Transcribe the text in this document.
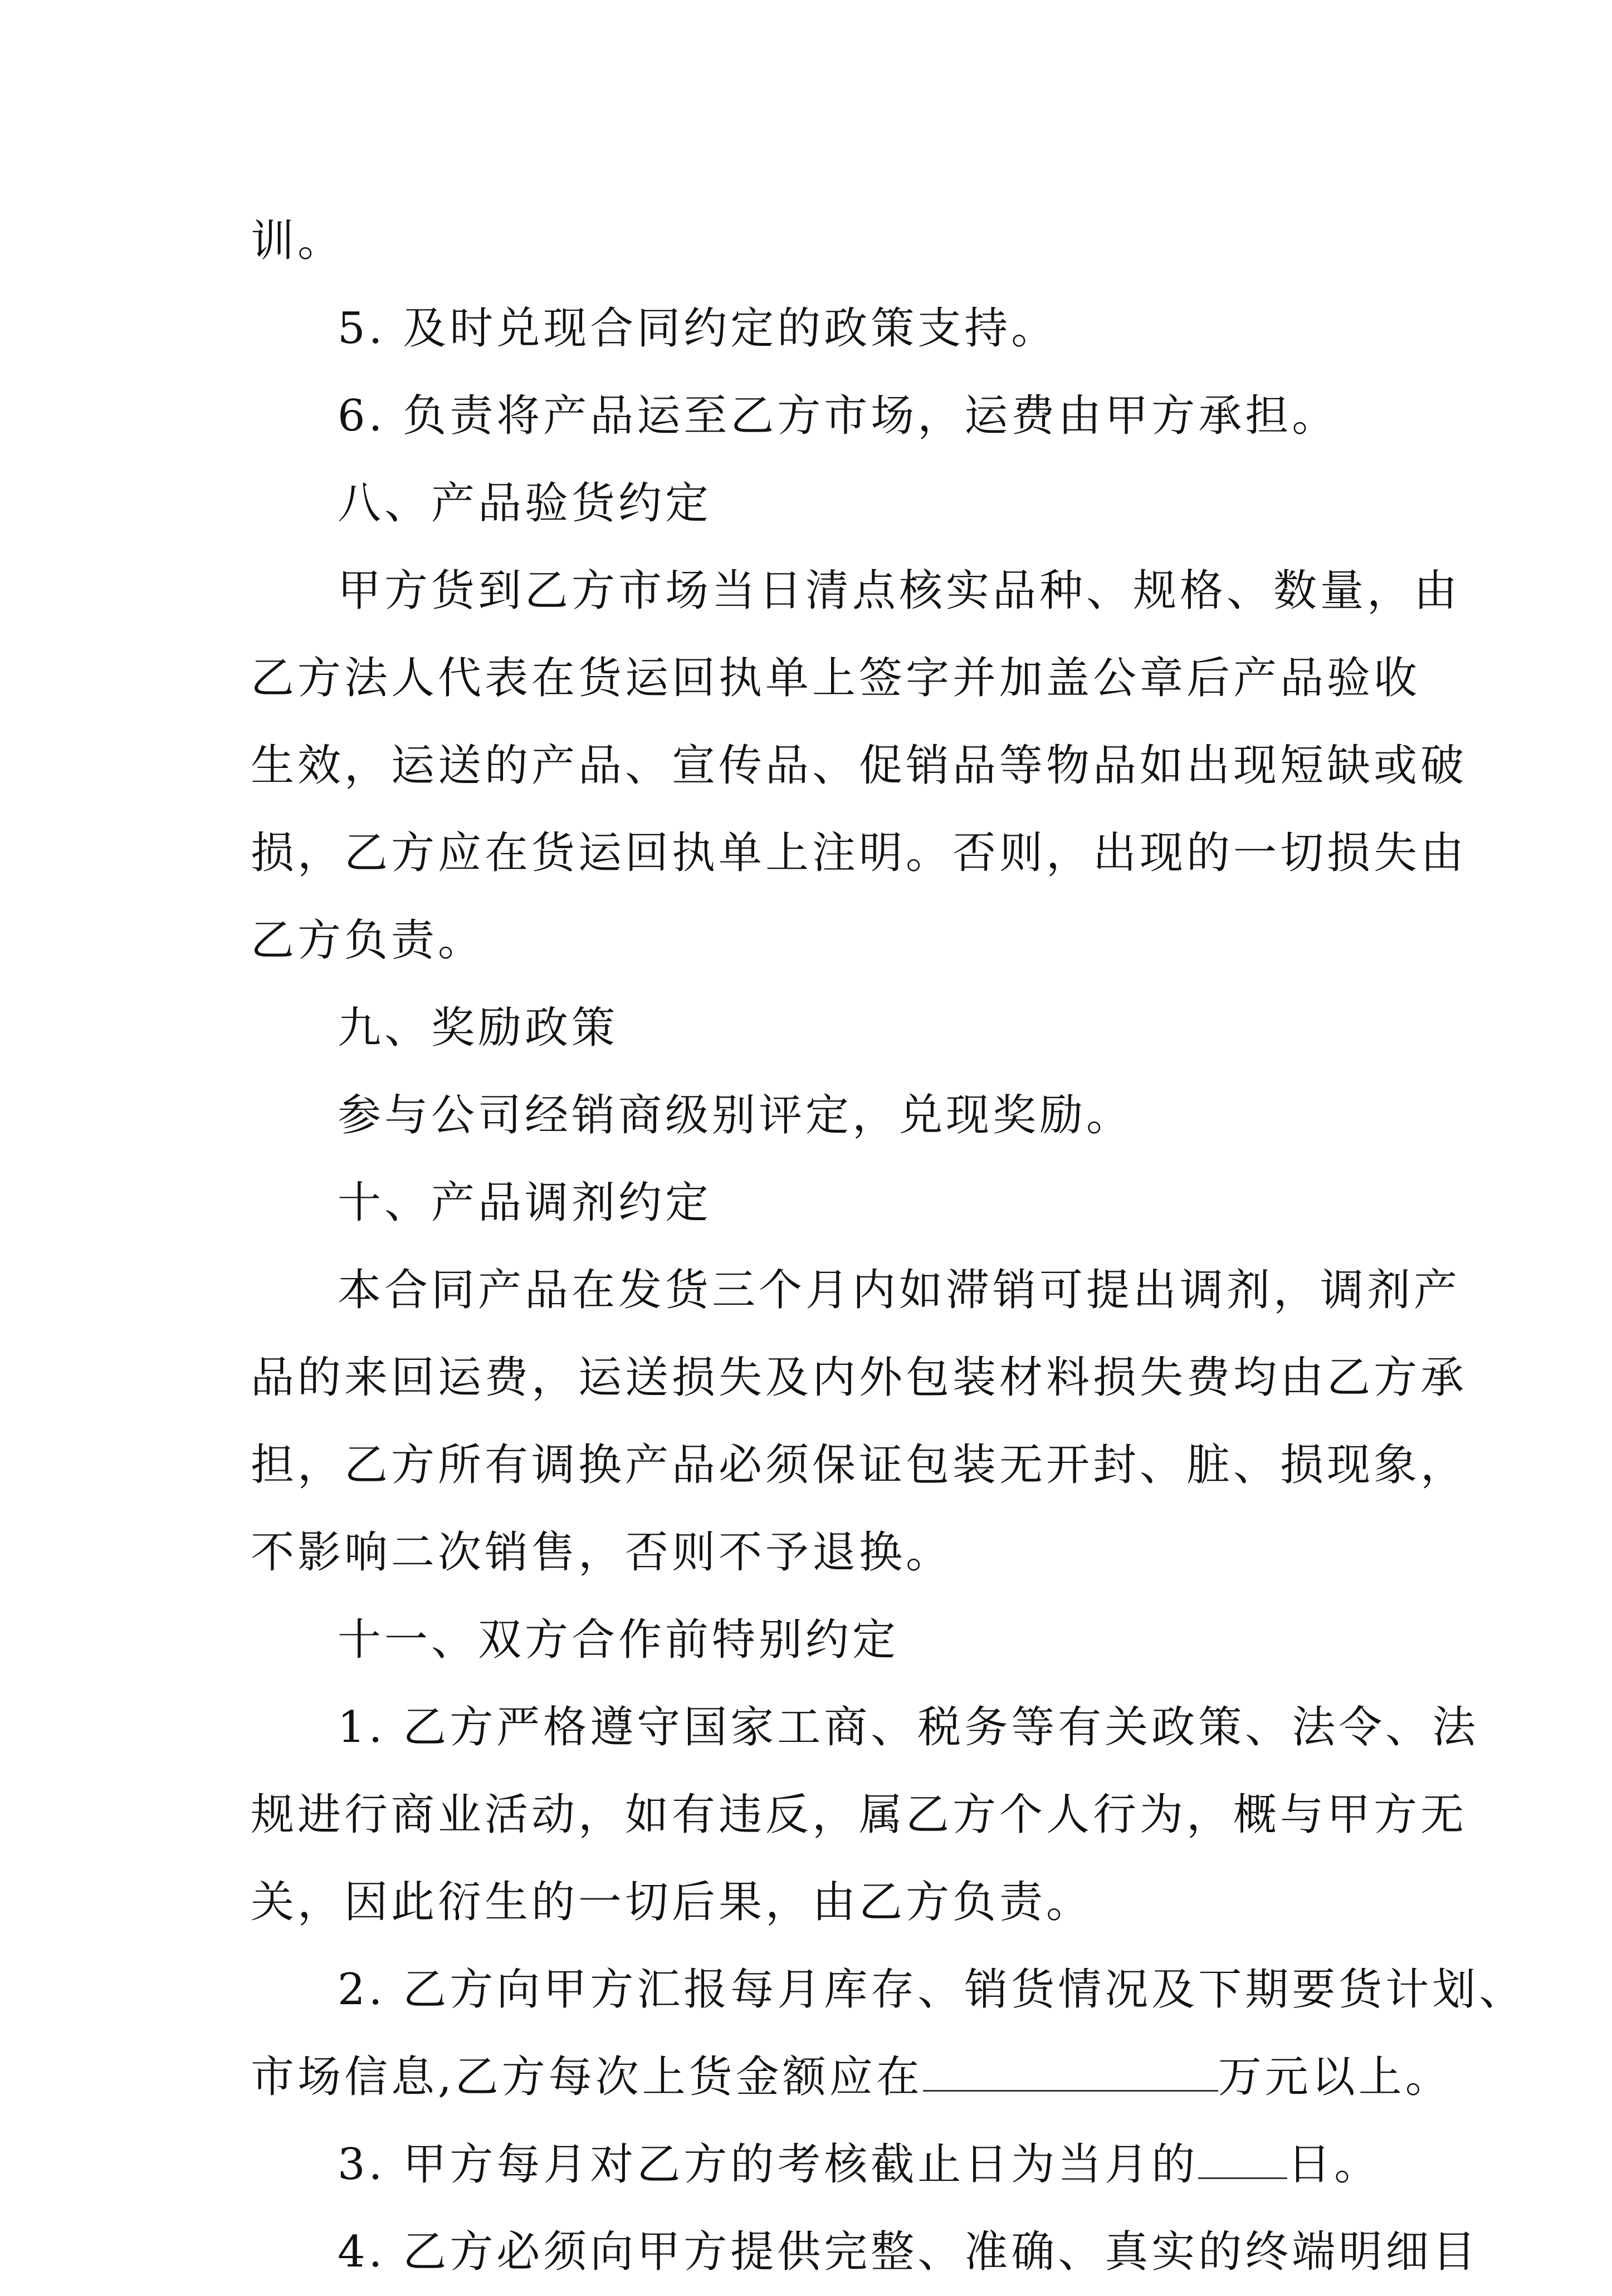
训。
5. 及时兑现合同约定的政策支持。
6. 负责将产品运至乙方市场，运费由甲方承担。
八、产品验货约定
甲方货到乙方市场当日清点核实品种、规格、数量，由
乙方法人代表在货运回执单上签字并加盖公章后产品验收
生效，运送的产品、宣传品、促销品等物品如出现短缺或破
损，乙方应在货运回执单上注明。否则，出现的一切损失由
乙方负责。
九、奖励政策
参与公司经销商级别评定，兑现奖励。
十、产品调剂约定
本合同产品在发货三个月内如滞销可提出调剂，调剂产
品的来回运费，运送损失及内外包装材料损失费均由乙方承
担，乙方所有调换产品必须保证包装无开封、脏、损现象，
不影响二次销售，否则不予退换。
十一、双方合作前特别约定
1. 乙方严格遵守国家工商、税务等有关政策、法令、法
规进行商业活动，如有违反，属乙方个人行为，概与甲方无
关，因此衍生的一切后果，由乙方负责。
2. 乙方向甲方汇报每月库存、销货情况及下期要货计划、
市场信息,乙方每次上货金额应在	万元以上。
3. 甲方每月对乙方的考核截止日为当月的 日。
4. 乙方必须向甲方提供完整、准确、真实的终端明细目
